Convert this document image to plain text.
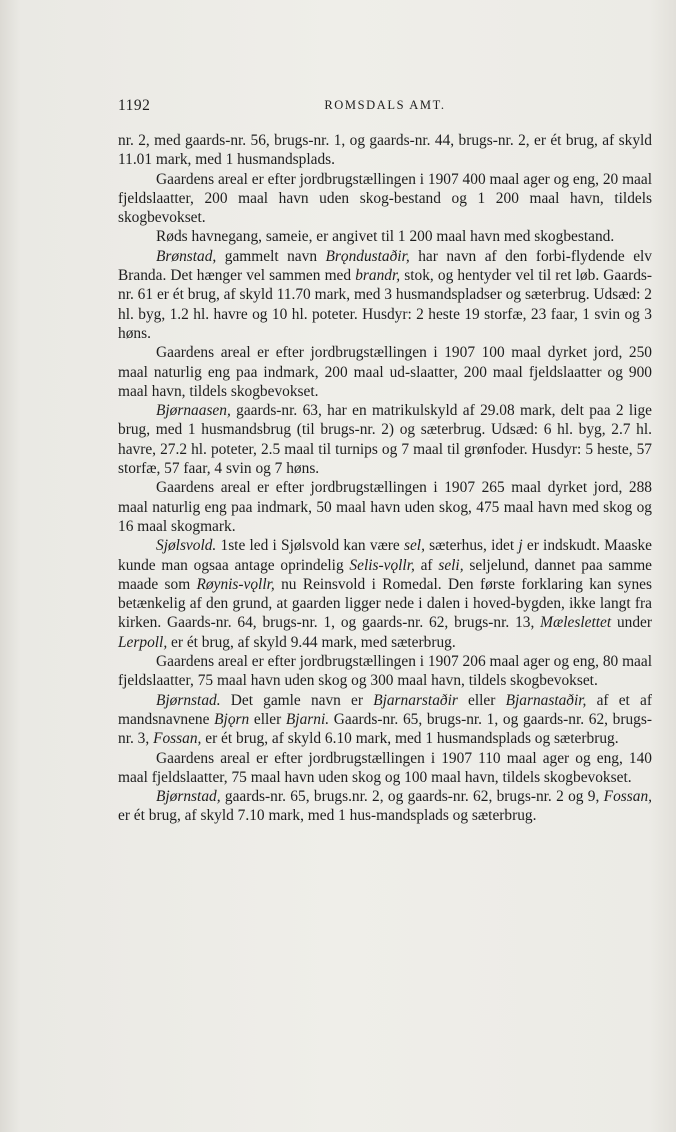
1192	ROMSDALS AMT.

nr. 2, med gaards-nr. 56, brugs-nr. 1, og gaards-nr. 44, brugs-nr. 2, er ét brug, af skyld 11.01 mark, med 1 husmandsplads.

Gaardens areal er efter jordbrugstællingen i 1907 400 maal ager og eng, 20 maal fjeldslaatter, 200 maal havn uden skog-bestand og 1 200 maal havn, tildels skogbevokset.

Røds havnegang, sameie, er angivet til 1 200 maal havn med skogbestand.

Brønstad, gammelt navn Brǫndustaðir, har navn af den forbi-flydende elv Branda. Det hænger vel sammen med brandr, stok, og hentyder vel til ret løb. Gaards-nr. 61 er ét brug, af skyld 11.70 mark, med 3 husmandspladser og sæterbrug. Udsæd: 2 hl. byg, 1.2 hl. havre og 10 hl. poteter. Husdyr: 2 heste 19 storfæ, 23 faar, 1 svin og 3 høns.

Gaardens areal er efter jordbrugstællingen i 1907 100 maal dyrket jord, 250 maal naturlig eng paa indmark, 200 maal ud-slaatter, 200 maal fjeldslaatter og 900 maal havn, tildels skogbevokset.

Bjørnaasen, gaards-nr. 63, har en matrikulskyld af 29.08 mark, delt paa 2 lige brug, med 1 husmandsbrug (til brugs-nr. 2) og sæterbrug. Udsæd: 6 hl. byg, 2.7 hl. havre, 27.2 hl. poteter, 2.5 maal til turnips og 7 maal til grønfoder. Husdyr: 5 heste, 57 storfæ, 57 faar, 4 svin og 7 høns.

Gaardens areal er efter jordbrugstællingen i 1907 265 maal dyrket jord, 288 maal naturlig eng paa indmark, 50 maal havn uden skog, 475 maal havn med skog og 16 maal skogmark.

Sjølsvold. 1ste led i Sjølsvold kan være sel, sæterhus, idet j er indskudt. Maaske kunde man ogsaa antage oprindelig Selis-vǫllr, af seli, seljelund, dannet paa samme maade som Røynis-vǫllr, nu Reinsvold i Romedal. Den første forklaring kan synes betænkelig af den grund, at gaarden ligger nede i dalen i hoved-bygden, ikke langt fra kirken. Gaards-nr. 64, brugs-nr. 1, og gaards-nr. 62, brugs-nr. 13, Mæleslettet under Lerpoll, er ét brug, af skyld 9.44 mark, med sæterbrug.

Gaardens areal er efter jordbrugstællingen i 1907 206 maal ager og eng, 80 maal fjeldslaatter, 75 maal havn uden skog og 300 maal havn, tildels skogbevokset.

Bjørnstad. Det gamle navn er Bjarnarstaðir eller Bjarnastaðir, af et af mandsnavnene Bjǫrn eller Bjarni. Gaards-nr. 65, brugs-nr. 1, og gaards-nr. 62, brugs-nr. 3, Fossan, er ét brug, af skyld 6.10 mark, med 1 husmandsplads og sæterbrug.

Gaardens areal er efter jordbrugstællingen i 1907 110 maal ager og eng, 140 maal fjeldslaatter, 75 maal havn uden skog og 100 maal havn, tildels skogbevokset.

Bjørnstad, gaards-nr. 65, brugs.nr. 2, og gaards-nr. 62, brugs-nr. 2 og 9, Fossan, er ét brug, af skyld 7.10 mark, med 1 hus-mandsplads og sæterbrug.
